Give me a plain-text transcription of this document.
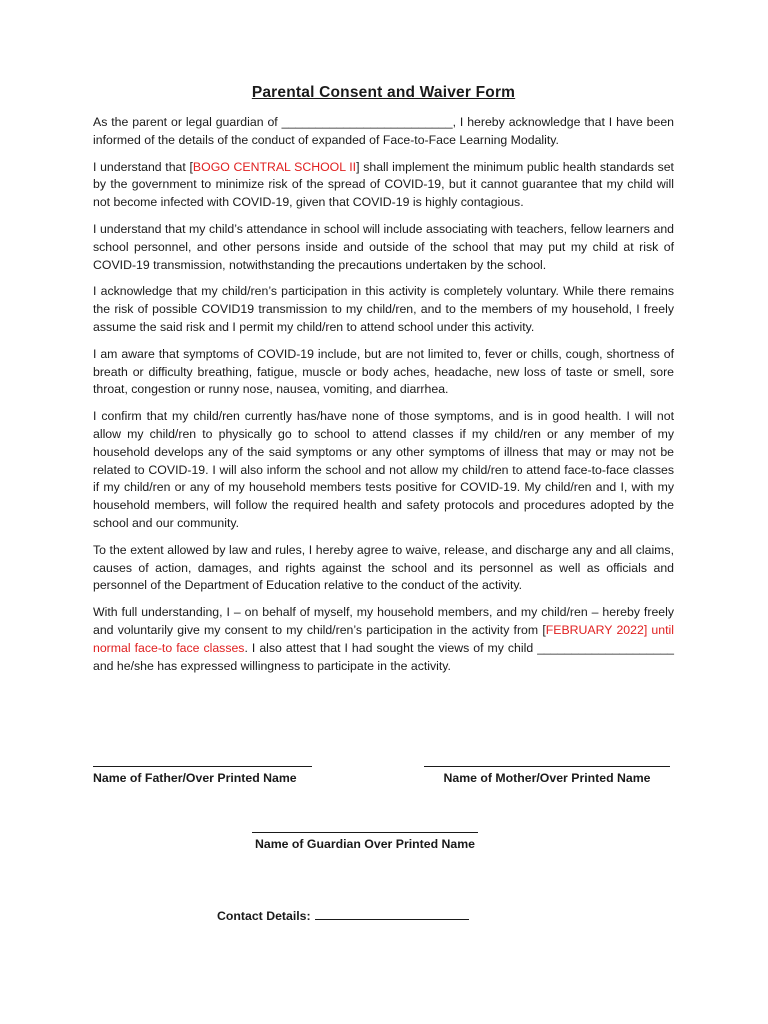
Parental Consent and Waiver Form

As the parent or legal guardian of _________________________, I hereby acknowledge that I have been informed of the details of the conduct of expanded of Face-to-Face Learning Modality.

I understand that [BOGO CENTRAL SCHOOL II] shall implement the minimum public health standards set by the government to minimize risk of the spread of COVID-19, but it cannot guarantee that my child will not become infected with COVID-19, given that COVID-19 is highly contagious.

I understand that my child’s attendance in school will include associating with teachers, fellow learners and school personnel, and other persons inside and outside of the school that may put my child at risk of COVID-19 transmission, notwithstanding the precautions undertaken by the school.

I acknowledge that my child/ren’s participation in this activity is completely voluntary. While there remains the risk of possible COVID19 transmission to my child/ren, and to the members of my household, I freely assume the said risk and I permit my child/ren to attend school under this activity.

I am aware that symptoms of COVID-19 include, but are not limited to, fever or chills, cough, shortness of breath or difficulty breathing, fatigue, muscle or body aches, headache, new loss of taste or smell, sore throat, congestion or runny nose, nausea, vomiting, and diarrhea.

I confirm that my child/ren currently has/have none of those symptoms, and is in good health. I will not allow my child/ren to physically go to school to attend classes if my child/ren or any member of my household develops any of the said symptoms or any other symptoms of illness that may or may not be related to COVID-19. I will also inform the school and not allow my child/ren to attend face-to-face classes if my child/ren or any of my household members tests positive for COVID-19. My child/ren and I, with my household members, will follow the required health and safety protocols and procedures adopted by the school and our community.

To the extent allowed by law and rules, I hereby agree to waive, release, and discharge any and all claims, causes of action, damages, and rights against the school and its personnel as well as officials and personnel of the Department of Education relative to the conduct of the activity.

With full understanding, I – on behalf of myself, my household members, and my child/ren – hereby freely and voluntarily give my consent to my child/ren’s participation in the activity from [FEBRUARY 2022] until normal face-to face classes. I also attest that I had sought the views of my child ____________________ and he/she has expressed willingness to participate in the activity.

Name of Father/Over Printed Name	Name of Mother/Over Printed Name
Name of Guardian Over Printed Name
Contact Details:
